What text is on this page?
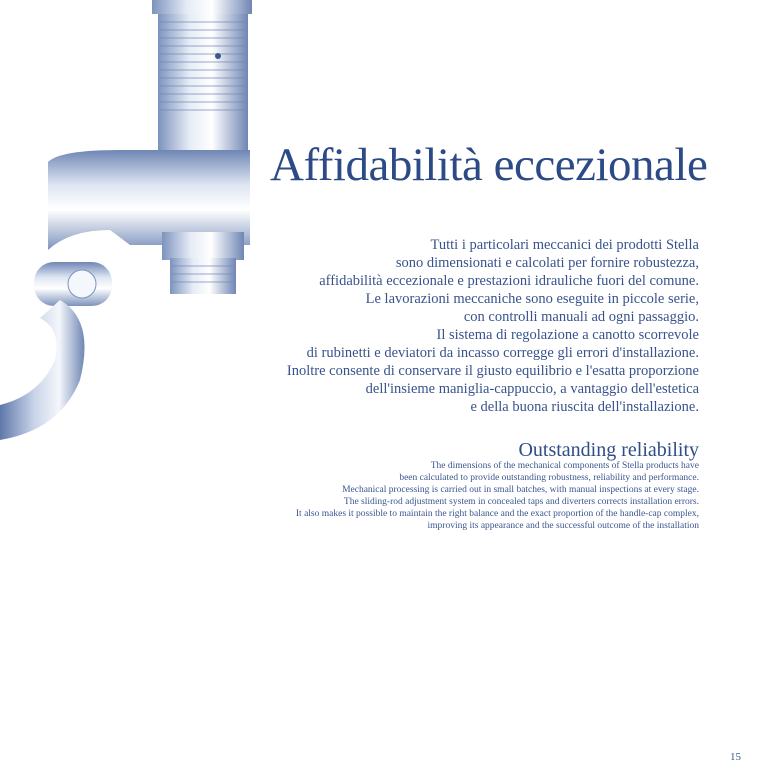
Affidabilità eccezionale
Tutti i particolari meccanici dei prodotti Stella
sono dimensionati e calcolati per fornire robustezza,
affidabilità eccezionale e prestazioni idrauliche fuori del comune.
Le lavorazioni meccaniche sono eseguite in piccole serie,
con controlli manuali ad ogni passaggio.
Il sistema di regolazione a canotto scorrevole
di rubinetti e deviatori da incasso corregge gli errori d'installazione.
Inoltre consente di conservare il giusto equilibrio e l'esatta proporzione
dell'insieme maniglia-cappuccio, a vantaggio dell'estetica
e della buona riuscita dell'installazione.
Outstanding reliability
The dimensions of the mechanical components of Stella products have
been calculated to provide outstanding robustness, reliability and performance.
Mechanical processing is carried out in small batches, with manual inspections at every stage.
The sliding-rod adjustment system in concealed taps and diverters corrects installation errors.
It also makes it possible to maintain the right balance and the exact proportion of the handle-cap complex,
improving its appearance and the successful outcome of the installation
15
